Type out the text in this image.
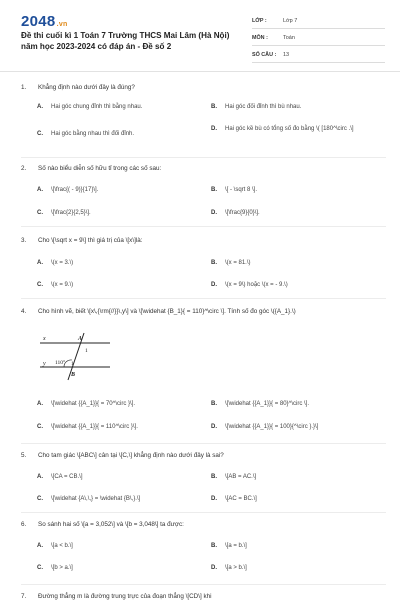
2048.vn
Đề thi cuối kì 1 Toán 7 Trường THCS Mai Lâm (Hà Nội) năm học 2023-2024 có đáp án - Đề số 2
LỚP :	Lớp 7
MÔN :	Toán
SỐ CÂU :	13
1. Khẳng định nào dưới đây là đúng?
A.	Hai góc chung đỉnh thì bằng nhau.	B.	Hai góc đối đỉnh thì bù nhau.
C.	Hai góc bằng nhau thì đối đỉnh.
D.	Hai góc kề bù có tổng số đo bằng \( [180^\circ .\]
2. Số nào biểu diễn số hữu tỉ trong các số sau:
A.	\[\frac{( - 9)}{17}\].	B.	\[ - \sqrt 8 \].
C.	\[\frac{2}{2,5}\].	D.	\[\frac{9}{0}\].
3. Cho \[\sqrt x = 9\] thì giá trị của \[x\]là:
A.	\(x = 3.\)	B.	\(x = 81.\)
C.	\(x = 9.\)	D.	\(x = 9\) hoặc \(x = - 9.\)
4. Cho hình vẽ, biết \[x\,{\rm{//}}\,y\] và \[\widehat {B_1}{ = 110}^\circ \]. Tính số đo góc \({A_1}.\)
A.	\[\widehat {{A_1}}{ = 70^\circ }\].	B.	\[\widehat {{A_1}}{ = 80}^\circ \].
C.	\[\widehat {{A_1}}{ = 110^\circ }\].	D.	\[\widehat {{A_1}}{ = 100}{^\circ }.}\]
x
y
A
1
1
110°
B
5. Cho tam giác \[ABC\] cân tại \[C,\] khẳng định nào dưới đây là sai?
A.	\[CA = CB.\]	B.	\[AB = AC.\]
C.	\[\widehat {A\,\,} = \widehat {B\,}.\]	D.	\[AC = BC.\]
6. So sánh hai số \[a = 3,052\] và \[b = 3,048\] ta được:
A.	\[a < b.\]	B.	\[a = b.\]
C.	\[b > a.\]	D.	\[a > b.\]
7. Đường thẳng m là đường trung trực của đoạn thẳng \[CD\] khi
